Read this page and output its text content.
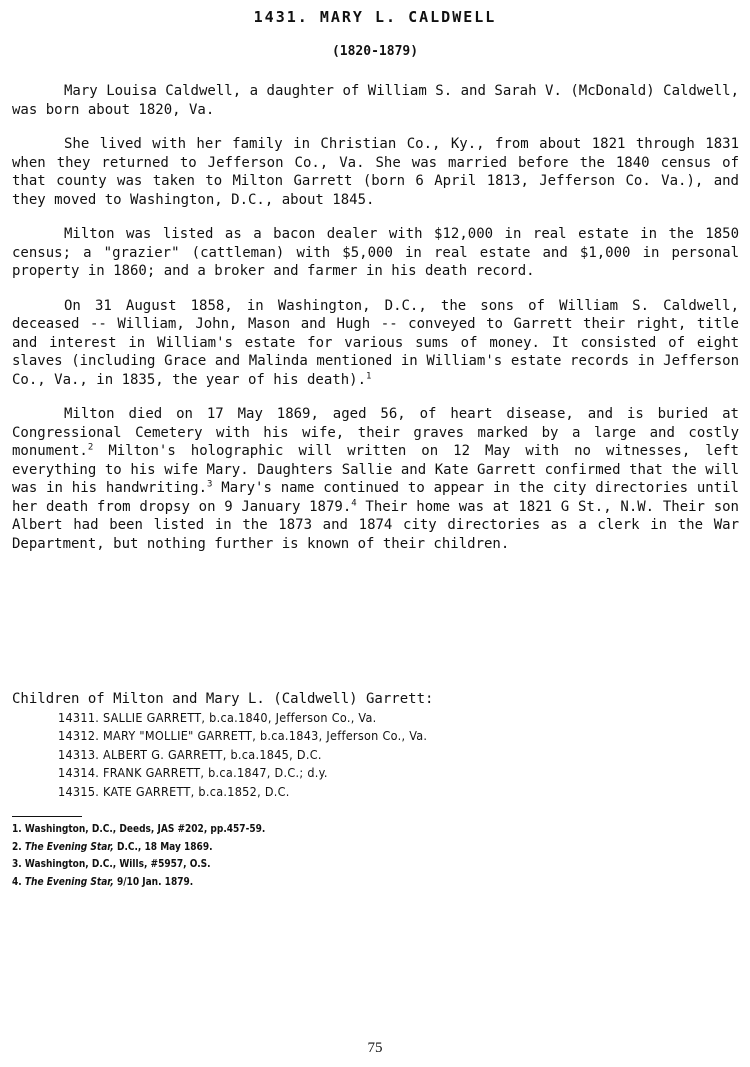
1431. MARY L. CALDWELL
(1820-1879)

Mary Louisa Caldwell, a daughter of William S. and Sarah V. (McDonald) Caldwell, was born about 1820, Va.

She lived with her family in Christian Co., Ky., from about 1821 through 1831 when they returned to Jefferson Co., Va. She was married before the 1840 census of that county was taken to Milton Garrett (born 6 April 1813, Jefferson Co. Va.), and they moved to Washington, D.C., about 1845.

Milton was listed as a bacon dealer with $12,000 in real estate in the 1850 census; a "grazier" (cattleman) with $5,000 in real estate and $1,000 in personal property in 1860; and a broker and farmer in his death record.

On 31 August 1858, in Washington, D.C., the sons of William S. Caldwell, deceased -- William, John, Mason and Hugh -- conveyed to Garrett their right, title and interest in William's estate for various sums of money. It consisted of eight slaves (including Grace and Malinda mentioned in William's estate records in Jefferson Co., Va., in 1835, the year of his death).$^1$

Milton died on 17 May 1869, aged 56, of heart disease, and is buried at Congressional Cemetery with his wife, their graves marked by a large and costly monument.$^2$ Milton's holographic will written on 12 May with no witnesses, left everything to his wife Mary. Daughters Sallie and Kate Garrett confirmed that the will was in his handwriting.$^3$ Mary's name continued to appear in the city directories until her death from dropsy on 9 January 1879.$^4$ Their home was at 1821 G St., N.W. Their son Albert had been listed in the 1873 and 1874 city directories as a clerk in the War Department, but nothing further is known of their children.

Children of Milton and Mary L. (Caldwell) Garrett:
14311. SALLIE GARRETT, b.ca.1840, Jefferson Co., Va.
14312. MARY "MOLLIE" GARRETT, b.ca.1843, Jefferson Co., Va.
14313. ALBERT G. GARRETT, b.ca.1845, D.C.
14314. FRANK GARRETT, b.ca.1847, D.C.; d.y.
14315. KATE GARRETT, b.ca.1852, D.C.
1. Washington, D.C., Deeds, JAS #202, pp.457-59.
2. The Evening Star, D.C., 18 May 1869.
3. Washington, D.C., Wills, #5957, O.S.
4. The Evening Star, 9/10 Jan. 1879.
75
